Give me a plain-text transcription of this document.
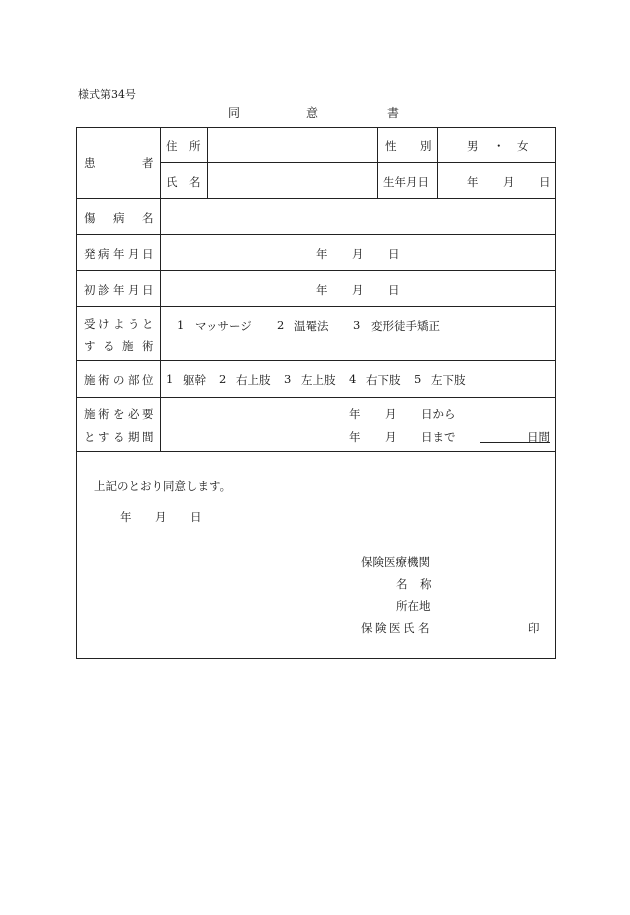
様式第34号
同	意	書
患	者
住 所
氏 名
性 別	男 ・ 女
生年月日	年 月 日
傷 病 名
発 病 年 月 日	年 月 日
初 診 年 月 日	年 月 日
受 け よ う と
す る 施 術
1 マッサージ 2 温罨法 3 変形徒手矯正
施 術 の 部 位 1 躯幹 2 右上肢 3 左上肢 4 右下肢 5 左下肢
施 術 を 必 要
と す る 期 間
年 月 日から
年 月 日まで	日間
上記のとおり同意します。
年 月 日
保険医療機関
名 称
所在地
保 険 医 氏 名	印
